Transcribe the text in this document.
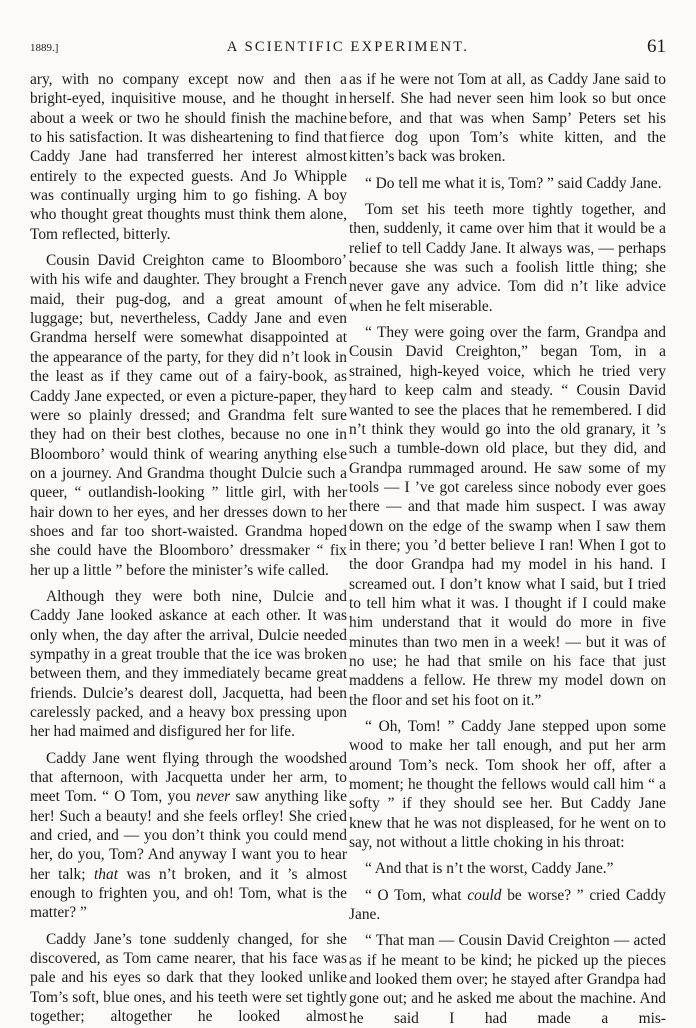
1889.]	A SCIENTIFIC EXPERIMENT.	61

ary, with no company except now and then a bright-eyed, inquisitive mouse, and he thought in about a week or two he should finish the machine to his satisfaction. It was disheartening to find that Caddy Jane had transferred her interest almost entirely to the expected guests. And Jo Whipple was continually urging him to go fishing. A boy who thought great thoughts must think them alone, Tom reflected, bitterly.

Cousin David Creighton came to Bloomboro’ with his wife and daughter. They brought a French maid, their pug-dog, and a great amount of luggage; but, nevertheless, Caddy Jane and even Grandma herself were somewhat disappointed at the appearance of the party, for they did n’t look in the least as if they came out of a fairy-book, as Caddy Jane expected, or even a picture-paper, they were so plainly dressed; and Grandma felt sure they had on their best clothes, because no one in Bloomboro’ would think of wearing anything else on a journey. And Grandma thought Dulcie such a queer, “ outlandish-looking ” little girl, with her hair down to her eyes, and her dresses down to her shoes and far too short-waisted. Grandma hoped she could have the Bloomboro’ dressmaker “ fix her up a little ” before the minister’s wife called.

Although they were both nine, Dulcie and Caddy Jane looked askance at each other. It was only when, the day after the arrival, Dulcie needed sympathy in a great trouble that the ice was broken between them, and they immediately became great friends. Dulcie’s dearest doll, Jacquetta, had been carelessly packed, and a heavy box pressing upon her had maimed and disfigured her for life.

Caddy Jane went flying through the woodshed that afternoon, with Jacquetta under her arm, to meet Tom. “ O Tom, you never saw anything like her! Such a beauty! and she feels orfley! She cried and cried, and — you don’t think you could mend her, do you, Tom? And anyway I want you to hear her talk; that was n’t broken, and it ’s almost enough to frighten you, and oh! Tom, what is the matter? ”

Caddy Jane’s tone suddenly changed, for she discovered, as Tom came nearer, that his face was pale and his eyes so dark that they looked unlike Tom’s soft, blue ones, and his teeth were set tightly together; altogether he looked almost

as if he were not Tom at all, as Caddy Jane said to herself. She had never seen him look so but once before, and that was when Samp’ Peters set his fierce dog upon Tom’s white kitten, and the kitten’s back was broken.

“ Do tell me what it is, Tom? ” said Caddy Jane.

Tom set his teeth more tightly together, and then, suddenly, it came over him that it would be a relief to tell Caddy Jane. It always was, — perhaps because she was such a foolish little thing; she never gave any advice. Tom did n’t like advice when he felt miserable.

“ They were going over the farm, Grandpa and Cousin David Creighton,” began Tom, in a strained, high-keyed voice, which he tried very hard to keep calm and steady. “ Cousin David wanted to see the places that he remembered. I did n’t think they would go into the old granary, it ’s such a tumble-down old place, but they did, and Grandpa rummaged around. He saw some of my tools — I ’ve got careless since nobody ever goes there — and that made him suspect. I was away down on the edge of the swamp when I saw them in there; you ’d better believe I ran! When I got to the door Grandpa had my model in his hand. I screamed out. I don’t know what I said, but I tried to tell him what it was. I thought if I could make him understand that it would do more in five minutes than two men in a week! — but it was of no use; he had that smile on his face that just maddens a fellow. He threw my model down on the floor and set his foot on it.”

“ Oh, Tom! ” Caddy Jane stepped upon some wood to make her tall enough, and put her arm around Tom’s neck. Tom shook her off, after a moment; he thought the fellows would call him “ a softy ” if they should see her. But Caddy Jane knew that he was not displeased, for he went on to say, not without a little choking in his throat:

“ And that is n’t the worst, Caddy Jane.”

“ O Tom, what could be worse? ” cried Caddy Jane.

“ That man — Cousin David Creighton — acted as if he meant to be kind; he picked up the pieces and looked them over; he stayed after Grandpa had gone out; and he asked me about the machine. And he said I had made a mis-
